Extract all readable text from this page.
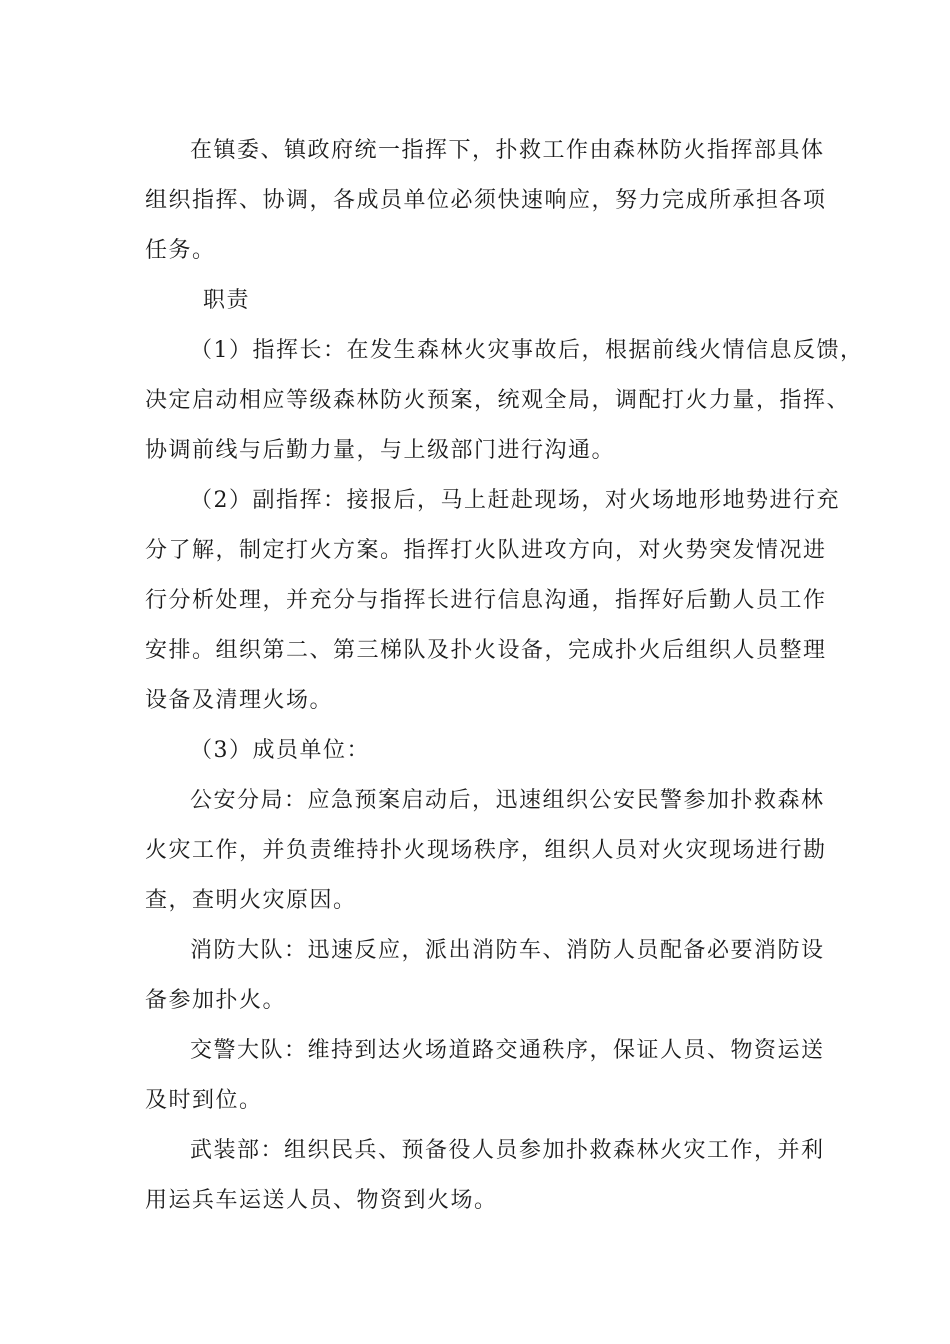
在镇委、镇政府统一指挥下，扑救工作由森林防火指挥部具体
组织指挥、协调，各成员单位必须快速响应，努力完成所承担各项
任务。
职责
（1）指挥长：在发生森林火灾事故后，根据前线火情信息反馈，
决定启动相应等级森林防火预案，统观全局，调配打火力量，指挥、
协调前线与后勤力量，与上级部门进行沟通。
（2）副指挥：接报后，马上赶赴现场，对火场地形地势进行充
分了解，制定打火方案。指挥打火队进攻方向，对火势突发情况进
行分析处理，并充分与指挥长进行信息沟通，指挥好后勤人员工作
安排。组织第二、第三梯队及扑火设备，完成扑火后组织人员整理
设备及清理火场。
（3）成员单位：
公安分局：应急预案启动后，迅速组织公安民警参加扑救森林
火灾工作，并负责维持扑火现场秩序，组织人员对火灾现场进行勘
查，查明火灾原因。
消防大队：迅速反应，派出消防车、消防人员配备必要消防设
备参加扑火。
交警大队：维持到达火场道路交通秩序，保证人员、物资运送
及时到位。
武装部：组织民兵、预备役人员参加扑救森林火灾工作，并利
用运兵车运送人员、物资到火场。
